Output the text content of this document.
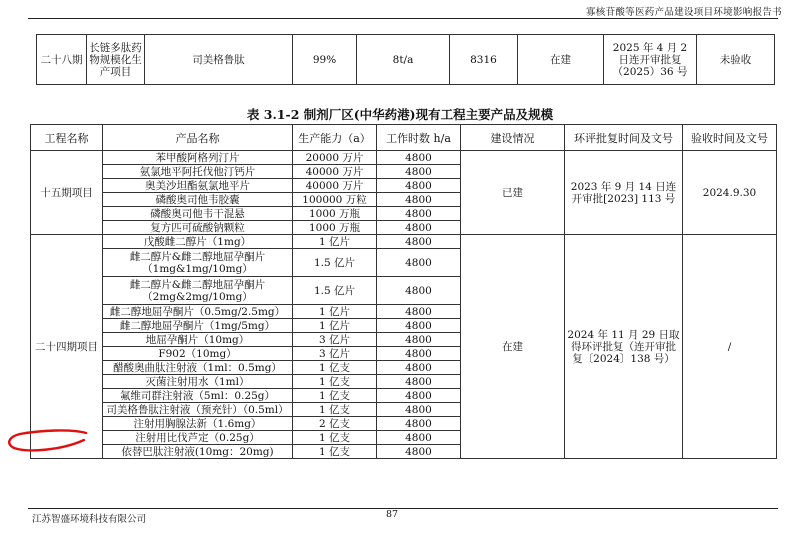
寡核苷酸等医药产品建设项目环境影响报告书
二十八期	长链多肽药物规模化生产项目	司美格鲁肽	99%	8t/a	8316	在建	2025 年 4 月 2 日连开审批复（2025）36 号	未验收
表 3.1-2 制剂厂区(中华药港)现有工程主要产品及规模
工程名称	产品名称	生产能力（a）	工作时数 h/a	建设情况	环评批复时间及文号	验收时间及文号
十五期项目	苯甲酸阿格列汀片	20000 万片	4800	已建	2023 年 9 月 14 日连开审批[2023] 113 号	2024.9.30
	氨氯地平阿托伐他汀钙片	40000 万片	4800			
	奥美沙坦酯氨氯地平片	40000 万片	4800			
	磷酸奥司他韦胶囊	100000 万粒	4800			
	磷酸奥司他韦干混悬	1000 万瓶	4800			
	复方匹可硫酸钠颗粒	1000 万瓶	4800			
二十四期项目	戊酸雌二醇片（1mg）	1 亿片	4800	在建	2024 年 11 月 29 日取得环评批复（连开审批复〔2024〕138 号）	/
	雌二醇片&雌二醇地屈孕酮片（1mg&1mg/10mg）	1.5 亿片	4800			
	雌二醇片&雌二醇地屈孕酮片（2mg&2mg/10mg）	1.5 亿片	4800			
	雌二醇地屈孕酮片（0.5mg/2.5mg）	1 亿片	4800			
	雌二醇地屈孕酮片（1mg/5mg）	1 亿片	4800			
	地屈孕酮片（10mg）	3 亿片	4800			
	F902（10mg）	3 亿片	4800			
	醋酸奥曲肽注射液（1ml：0.5mg）	1 亿支	4800			
	灭菌注射用水（1ml）	1 亿支	4800			
	氟维司群注射液（5ml：0.25g）	1 亿支	4800			
	司美格鲁肽注射液（预充针）（0.5ml）	1 亿支	4800			
	注射用胸腺法新（1.6mg）	2 亿支	4800			
	注射用比伐芦定（0.25g）	1 亿支	4800			
	依替巴肽注射液(10mg：20mg)	1 亿支	4800			
江苏智盛环境科技有限公司	87
